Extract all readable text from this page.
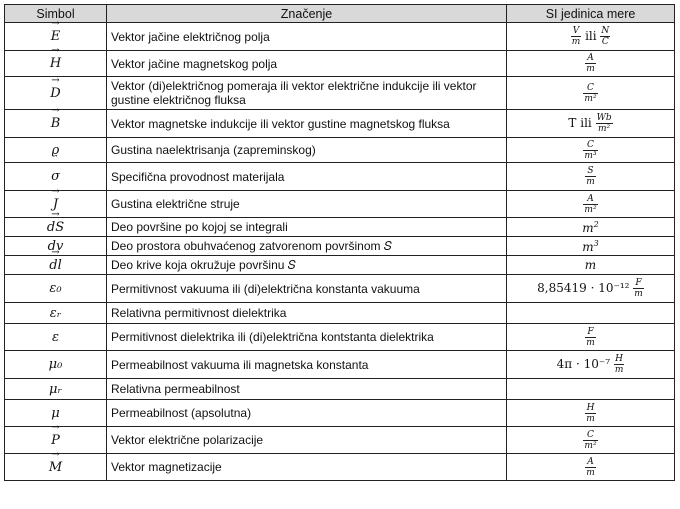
Simbol	Značenje	SI jedinica mere
→ E	Vektor jačine električnog polja	$\frac{V}{m}$ ili $\frac{N}{C}$

→ H	Vektor jačine magnetskog polja	$\frac{A}{m}$

→ D	Vektor (di)električnog pomeraja ili vektor električne indukcije ili vektor gustine električnog fluksa	$\frac{C}{\text{m²}}$

→ B	Vektor magnetske indukcije ili vektor gustine magnetskog fluksa	T ili $\frac{Wb}{\text{m²}}$

ϱ	Gustina naelektrisanja (zapreminskog)	$\frac{C}{\text{m³}}$

σ	Specifična provodnost materijala	$\frac{S}{m}$

→ J	Gustina električne struje	$\frac{A}{\text{m²}}$

→ dS	Deo površine po kojoj se integrali	$m^2$
dv	Deo prostora obuhvaćenog zatvorenom površinom 𝑆	$m^3$
→ dl	Deo krive koja okružuje površinu 𝑆	m
ε₀	Permitivnost vakuuma ili (di)električna konstanta vakuuma	$8,85419 \cdot 10^{-12} \frac{F}{m}$

εᵣ	Relativna permitivnost dielektrika	
ε	Permitivnost dielektrika ili (di)električna kontstanta dielektrika	$\frac{F}{m}$

μ₀	Permeabilnost vakuuma ili magnetska konstanta	$4\pi \cdot 10^{-7} \frac{H}{m}$

μᵣ	Relativna permeabilnost	
μ	Permeabilnost (apsolutna)	$\frac{H}{m}$

→ P	Vektor električne polarizacije	$\frac{C}{\text{m²}}$

→ M	Vektor magnetizacije	$\frac{A}{m}$
